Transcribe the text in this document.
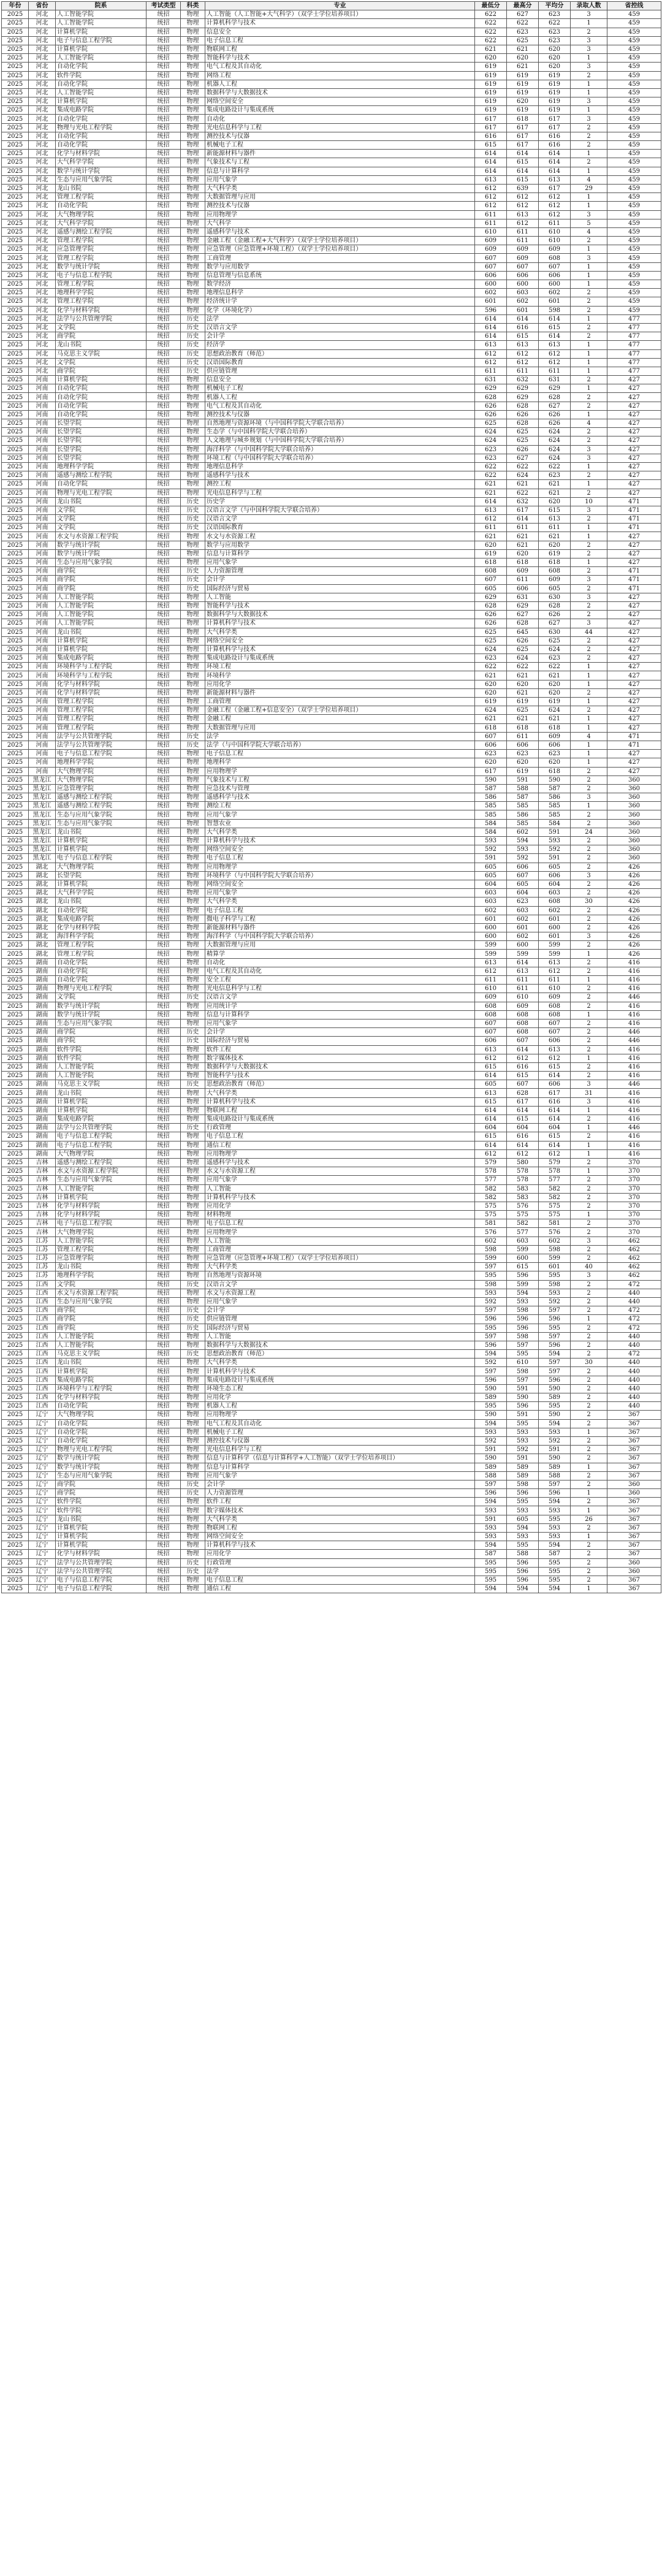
年份	省份	院系	考试类型	科类	专业	最低分	最高分	平均分	录取人数	省控线
2025	河北	人工智能学院	统招	物理	人工智能（人工智能+大气科学）（双学士学位培养项目）	622	627	623	3	459
2025	河北	人工智能学院	统招	物理	计算机科学与技术	622	622	622	1	459
2025	河北	计算机学院	统招	物理	信息安全	622	623	623	2	459
2025	河北	电子与信息工程学院	统招	物理	电子信息工程	622	625	623	3	459
2025	河北	计算机学院	统招	物理	物联网工程	621	621	620	3	459
2025	河北	人工智能学院	统招	物理	智能科学与技术	620	620	620	1	459
2025	河北	自动化学院	统招	物理	电气工程及其自动化	619	621	620	3	459
2025	河北	软件学院	统招	物理	网络工程	619	619	619	2	459
2025	河北	自动化学院	统招	物理	机器人工程	619	619	619	1	459
2025	河北	人工智能学院	统招	物理	数据科学与大数据技术	619	619	619	1	459
2025	河北	计算机学院	统招	物理	网络空间安全	619	620	619	3	459
2025	河北	集成电路学院	统招	物理	集成电路设计与集成系统	619	619	619	1	459
2025	河北	自动化学院	统招	物理	自动化	617	618	617	3	459
2025	河北	物理与光电工程学院	统招	物理	光电信息科学与工程	617	617	617	2	459
2025	河北	自动化学院	统招	物理	测控技术与仪器	616	617	616	2	459
2025	河北	自动化学院	统招	物理	机械电子工程	615	617	616	2	459
2025	河北	化学与材料学院	统招	物理	新能源材料与器件	614	614	614	1	459
2025	河北	大气科学学院	统招	物理	气象技术与工程	614	615	614	2	459
2025	河北	数学与统计学院	统招	物理	信息与计算科学	614	614	614	1	459
2025	河北	生态与应用气象学院	统招	物理	应用气象学	613	615	613	4	459
2025	河北	龙山书院	统招	物理	大气科学类	612	639	617	29	459
2025	河北	管理工程学院	统招	物理	大数据管理与应用	612	612	612	1	459
2025	河北	自动化学院	统招	物理	测控技术与仪器	612	612	612	1	459
2025	河北	大气物理学院	统招	物理	应用物理学	611	613	612	3	459
2025	河北	大气科学学院	统招	物理	大气科学	611	612	611	5	459
2025	河北	遥感与测绘工程学院	统招	物理	遥感科学与技术	610	611	610	4	459
2025	河北	管理工程学院	统招	物理	金融工程（金融工程+大气科学）（双学士学位培养项目）	609	611	610	2	459
2025	河北	应急管理学院	统招	物理	应急管理（应急管理+环境工程）（双学士学位培养项目）	609	609	609	1	459
2025	河北	管理工程学院	统招	物理	工商管理	607	609	608	3	459
2025	河北	数学与统计学院	统招	物理	数学与应用数学	607	607	607	1	459
2025	河北	电子与信息工程学院	统招	物理	信息管理与信息系统	606	606	606	1	459
2025	河北	管理工程学院	统招	物理	数学经济	600	600	600	1	459
2025	河北	地理科学学院	统招	物理	地理信息科学	602	603	602	2	459
2025	河北	管理工程学院	统招	物理	经济统计学	601	602	601	2	459
2025	河北	化学与材料学院	统招	物理	化学（环境化学）	596	601	598	2	459
2025	河北	法学与公共管理学院	统招	历史	法学	614	614	614	1	477
2025	河北	文学院	统招	历史	汉语言文学	614	616	615	2	477
2025	河北	商学院	统招	历史	会计学	614	615	614	2	477
2025	河北	龙山书院	统招	历史	经济学	613	613	613	1	477
2025	河北	马克思主义学院	统招	历史	思想政治教育（师范）	612	612	612	1	477
2025	河北	文学院	统招	历史	汉语国际教育	612	612	612	1	477
2025	河北	商学院	统招	历史	供应链管理	611	611	611	1	477
2025	河南	计算机学院	统招	物理	信息安全	631	632	631	2	427
2025	河南	自动化学院	统招	物理	机械电子工程	629	629	629	1	427
2025	河南	自动化学院	统招	物理	机器人工程	628	629	628	2	427
2025	河南	自动化学院	统招	物理	电气工程及其自动化	626	628	627	2	427
2025	河南	自动化学院	统招	物理	测控技术与仪器	626	626	626	1	427
2025	河南	长望学院	统招	物理	自然地理与资源环境（与中国科学院大学联合培养）	625	628	626	4	427
2025	河南	长望学院	统招	物理	生态学（与中国科学院大学联合培养）	624	625	624	2	427
2025	河南	长望学院	统招	物理	人文地理与城乡规划（与中国科学院大学联合培养）	624	625	624	2	427
2025	河南	长望学院	统招	物理	海洋科学（与中国科学院大学联合培养）	623	626	624	3	427
2025	河南	长望学院	统招	物理	环境工程（与中国科学院大学联合培养）	623	627	624	3	427
2025	河南	地理科学学院	统招	物理	地理信息科学	622	622	622	1	427
2025	河南	遥感与测绘工程学院	统招	物理	遥感科学与技术	622	624	623	2	427
2025	河南	自动化学院	统招	物理	测控工程	621	621	621	1	427
2025	河南	物理与光电工程学院	统招	物理	光电信息科学与工程	621	622	621	2	427
2025	河南	龙山书院	统招	历史	历史学	614	632	620	10	471
2025	河南	文学院	统招	历史	汉语言文学（与中国科学院大学联合培养）	613	617	615	3	471
2025	河南	文学院	统招	历史	汉语言文学	612	614	613	2	471
2025	河南	文学院	统招	历史	汉语国际教育	611	611	611	1	471
2025	河南	水文与水资源工程学院	统招	物理	水文与水资源工程	621	621	621	1	427
2025	河南	数学与统计学院	统招	物理	数学与应用数学	620	621	620	2	427
2025	河南	数学与统计学院	统招	物理	信息与计算科学	619	620	619	2	427
2025	河南	生态与应用气象学院	统招	物理	应用气象学	618	618	618	1	427
2025	河南	商学院	统招	历史	人力资源管理	608	609	608	2	471
2025	河南	商学院	统招	历史	会计学	607	611	609	3	471
2025	河南	商学院	统招	历史	国际经济与贸易	605	606	605	2	471
2025	河南	人工智能学院	统招	物理	人工智能	629	631	630	3	427
2025	河南	人工智能学院	统招	物理	智能科学与技术	628	629	628	2	427
2025	河南	人工智能学院	统招	物理	数据科学与大数据技术	626	627	626	2	427
2025	河南	人工智能学院	统招	物理	计算机科学与技术	626	628	627	3	427
2025	河南	龙山书院	统招	物理	大气科学类	625	645	630	44	427
2025	河南	计算机学院	统招	物理	网络空间安全	625	626	625	2	427
2025	河南	计算机学院	统招	物理	计算机科学与技术	624	625	624	2	427
2025	河南	集成电路学院	统招	物理	集成电路设计与集成系统	623	624	623	2	427
2025	河南	环境科学与工程学院	统招	物理	环境工程	622	622	622	1	427
2025	河南	环境科学与工程学院	统招	物理	环境科学	621	621	621	1	427
2025	河南	化学与材料学院	统招	物理	应用化学	620	620	620	1	427
2025	河南	化学与材料学院	统招	物理	新能源材料与器件	620	621	620	2	427
2025	河南	管理工程学院	统招	物理	工商管理	619	619	619	1	427
2025	河南	管理工程学院	统招	物理	金融工程（金融工程+信息安全）（双学士学位培养项目）	624	625	624	2	427
2025	河南	管理工程学院	统招	物理	金融工程	621	621	621	1	427
2025	河南	管理工程学院	统招	物理	大数据管理与应用	618	618	618	1	427
2025	河南	法学与公共管理学院	统招	历史	法学	607	611	609	4	471
2025	河南	法学与公共管理学院	统招	历史	法学（与中国科学院大学联合培养）	606	606	606	1	471
2025	河南	电子与信息工程学院	统招	物理	电子信息工程	623	623	623	1	427
2025	河南	地理科学学院	统招	物理	地理科学	620	620	620	1	427
2025	河南	大气物理学院	统招	物理	应用物理学	617	619	618	2	427
2025	黑龙江	大气物理学院	统招	物理	气象技术与工程	590	591	590	2	360
2025	黑龙江	应急管理学院	统招	物理	应急技术与管理	587	588	587	2	360
2025	黑龙江	遥感与测绘工程学院	统招	物理	遥感科学与技术	586	587	586	3	360
2025	黑龙江	遥感与测绘工程学院	统招	物理	测绘工程	585	585	585	1	360
2025	黑龙江	生态与应用气象学院	统招	物理	应用气象学	585	586	585	2	360
2025	黑龙江	生态与应用气象学院	统招	物理	智慧农业	584	585	584	2	360
2025	黑龙江	龙山书院	统招	物理	大气科学类	584	602	591	24	360
2025	黑龙江	计算机学院	统招	物理	计算机科学与技术	593	594	593	2	360
2025	黑龙江	计算机学院	统招	物理	网络空间安全	592	593	592	2	360
2025	黑龙江	电子与信息工程学院	统招	物理	电子信息工程	591	592	591	2	360
2025	湖北	大气物理学院	统招	物理	应用物理学	605	606	605	2	426
2025	湖北	长望学院	统招	物理	环境科学（与中国科学院大学联合培养）	605	607	606	3	426
2025	湖北	计算机学院	统招	物理	网络空间安全	604	605	604	2	426
2025	湖北	大气科学学院	统招	物理	应用气象学	603	604	603	2	426
2025	湖北	龙山书院	统招	物理	大气科学类	603	623	608	30	426
2025	湖北	自动化学院	统招	物理	电子信息工程	602	603	602	2	426
2025	湖北	集成电路学院	统招	物理	微电子科学与工程	601	602	601	2	426
2025	湖北	化学与材料学院	统招	物理	新能源材料与器件	600	601	600	2	426
2025	湖北	海洋科学学院	统招	物理	海洋科学（与中国科学院大学联合培养）	600	602	601	3	426
2025	湖北	管理工程学院	统招	物理	大数据管理与应用	599	600	599	2	426
2025	湖北	管理工程学院	统招	物理	精算学	599	599	599	1	426
2025	湖南	自动化学院	统招	物理	自动化	613	614	613	2	416
2025	湖南	自动化学院	统招	物理	电气工程及其自动化	612	613	612	2	416
2025	湖南	自动化学院	统招	物理	安全工程	611	611	611	1	416
2025	湖南	物理与光电工程学院	统招	物理	光电信息科学与工程	610	611	610	2	416
2025	湖南	文学院	统招	历史	汉语言文学	609	610	609	2	446
2025	湖南	数学与统计学院	统招	物理	应用统计学	608	609	608	2	416
2025	湖南	数学与统计学院	统招	物理	信息与计算科学	608	608	608	1	416
2025	湖南	生态与应用气象学院	统招	物理	应用气象学	607	608	607	2	416
2025	湖南	商学院	统招	历史	会计学	607	608	607	2	446
2025	湖南	商学院	统招	历史	国际经济与贸易	606	607	606	2	446
2025	湖南	软件学院	统招	物理	软件工程	613	614	613	2	416
2025	湖南	软件学院	统招	物理	数字媒体技术	612	612	612	1	416
2025	湖南	人工智能学院	统招	物理	数据科学与大数据技术	615	616	615	2	416
2025	湖南	人工智能学院	统招	物理	智能科学与技术	614	615	614	2	416
2025	湖南	马克思主义学院	统招	历史	思想政治教育（师范）	605	607	606	3	446
2025	湖南	龙山书院	统招	物理	大气科学类	613	628	617	31	416
2025	湖南	计算机学院	统招	物理	计算机科学与技术	615	617	616	3	416
2025	湖南	计算机学院	统招	物理	物联网工程	614	614	614	1	416
2025	湖南	集成电路学院	统招	物理	集成电路设计与集成系统	614	615	614	2	416
2025	湖南	法学与公共管理学院	统招	历史	行政管理	604	604	604	1	446
2025	湖南	电子与信息工程学院	统招	物理	电子信息工程	615	616	615	2	416
2025	湖南	电子与信息工程学院	统招	物理	通信工程	614	614	614	1	416
2025	湖南	大气物理学院	统招	物理	应用物理学	612	612	612	1	416
2025	吉林	遥感与测绘工程学院	统招	物理	遥感科学与技术	579	580	579	2	370
2025	吉林	水文与水资源工程学院	统招	物理	水文与水资源工程	578	578	578	1	370
2025	吉林	生态与应用气象学院	统招	物理	应用气象学	577	578	577	2	370
2025	吉林	人工智能学院	统招	物理	人工智能	582	583	582	2	370
2025	吉林	计算机学院	统招	物理	计算机科学与技术	582	583	582	2	370
2025	吉林	化学与材料学院	统招	物理	应用化学	575	576	575	2	370
2025	吉林	化学与材料学院	统招	物理	材料物理	575	575	575	1	370
2025	吉林	电子与信息工程学院	统招	物理	电子信息工程	581	582	581	2	370
2025	吉林	大气物理学院	统招	物理	应用物理学	576	577	576	2	370
2025	江苏	人工智能学院	统招	物理	人工智能	602	603	602	3	462
2025	江苏	管理工程学院	统招	物理	工商管理	598	599	598	2	462
2025	江苏	应急管理学院	统招	物理	应急管理（应急管理+环境工程）（双学士学位培养项目）	599	600	599	2	462
2025	江苏	龙山书院	统招	物理	大气科学类	597	615	601	40	462
2025	江苏	地理科学学院	统招	物理	自然地理与资源环境	595	596	595	3	462
2025	江西	文学院	统招	历史	汉语言文学	598	599	598	2	472
2025	江西	水文与水资源工程学院	统招	物理	水文与水资源工程	593	594	593	2	440
2025	江西	生态与应用气象学院	统招	物理	应用气象学	592	593	592	2	440
2025	江西	商学院	统招	历史	会计学	597	598	597	2	472
2025	江西	商学院	统招	历史	供应链管理	596	596	596	1	472
2025	江西	商学院	统招	历史	国际经济与贸易	595	596	595	2	472
2025	江西	人工智能学院	统招	物理	人工智能	597	598	597	2	440
2025	江西	人工智能学院	统招	物理	数据科学与大数据技术	596	597	596	2	440
2025	江西	马克思主义学院	统招	历史	思想政治教育（师范）	594	595	594	2	472
2025	江西	龙山书院	统招	物理	大气科学类	592	610	597	30	440
2025	江西	计算机学院	统招	物理	计算机科学与技术	597	598	597	2	440
2025	江西	集成电路学院	统招	物理	集成电路设计与集成系统	596	597	596	2	440
2025	江西	环境科学与工程学院	统招	物理	环境生态工程	590	591	590	2	440
2025	江西	化学与材料学院	统招	物理	应用化学	589	590	589	2	440
2025	江西	自动化学院	统招	物理	机器人工程	595	596	595	2	440
2025	辽宁	大气物理学院	统招	物理	应用物理学	590	591	590	2	367
2025	辽宁	自动化学院	统招	物理	电气工程及其自动化	594	595	594	2	367
2025	辽宁	自动化学院	统招	物理	机械电子工程	593	593	593	1	367
2025	辽宁	自动化学院	统招	物理	测控技术与仪器	592	593	592	2	367
2025	辽宁	物理与光电工程学院	统招	物理	光电信息科学与工程	591	592	591	2	367
2025	辽宁	数学与统计学院	统招	物理	信息与计算科学（信息与计算科学+人工智能）（双学士学位培养项目）	590	591	590	2	367
2025	辽宁	数学与统计学院	统招	物理	信息与计算科学	589	589	589	1	367
2025	辽宁	生态与应用气象学院	统招	物理	应用气象学	588	589	588	2	367
2025	辽宁	商学院	统招	历史	会计学	597	598	597	2	360
2025	辽宁	商学院	统招	历史	人力资源管理	596	596	596	1	360
2025	辽宁	软件学院	统招	物理	软件工程	594	595	594	2	367
2025	辽宁	软件学院	统招	物理	数字媒体技术	593	593	593	1	367
2025	辽宁	龙山书院	统招	物理	大气科学类	591	605	595	26	367
2025	辽宁	计算机学院	统招	物理	物联网工程	593	594	593	2	367
2025	辽宁	计算机学院	统招	物理	网络空间安全	593	593	593	1	367
2025	辽宁	计算机学院	统招	物理	计算机科学与技术	594	595	594	2	367
2025	辽宁	化学与材料学院	统招	物理	应用化学	587	588	587	2	367
2025	辽宁	法学与公共管理学院	统招	历史	行政管理	595	596	595	2	360
2025	辽宁	法学与公共管理学院	统招	历史	法学	595	596	595	2	360
2025	辽宁	电子与信息工程学院	统招	物理	电子信息工程	595	596	595	2	367
2025	辽宁	电子与信息工程学院	统招	物理	通信工程	594	594	594	1	367
